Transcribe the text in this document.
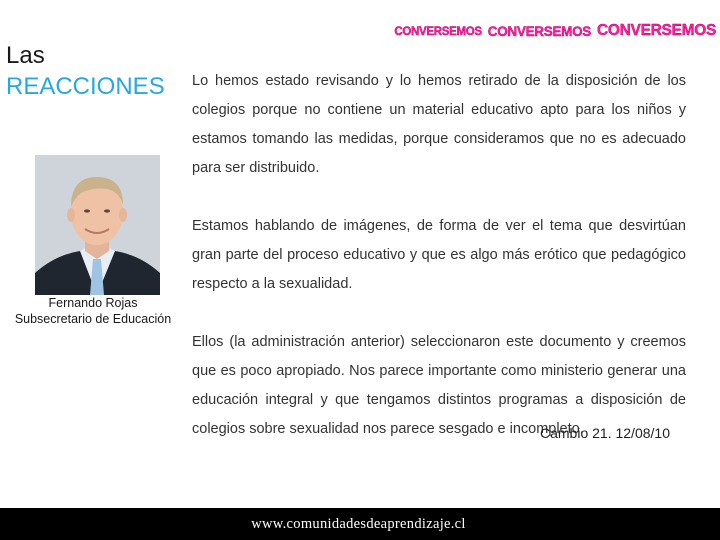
CONVERSEMOS CONVERSEMOS CONVERSEMOS
Las
REACCIONES
Fernando Rojas
Subsecretario de Educación

Lo hemos estado revisando y lo hemos retirado de la disposición de los colegios porque no contiene un material educativo apto para los niños y estamos tomando las medidas, porque consideramos que no es adecuado para ser distribuido.

Estamos hablando de imágenes, de forma de ver el tema que desvirtúan gran parte del proceso educativo y que es algo más erótico que pedagógico respecto a la sexualidad.

Ellos (la administración anterior) seleccionaron este documento y creemos que es poco apropiado. Nos parece importante como ministerio generar una educación integral y que tengamos distintos programas a disposición de colegios sobre sexualidad nos parece sesgado e incompleto.

Cambio 21. 12/08/10
www.comunidadesdeaprendizaje.cl
